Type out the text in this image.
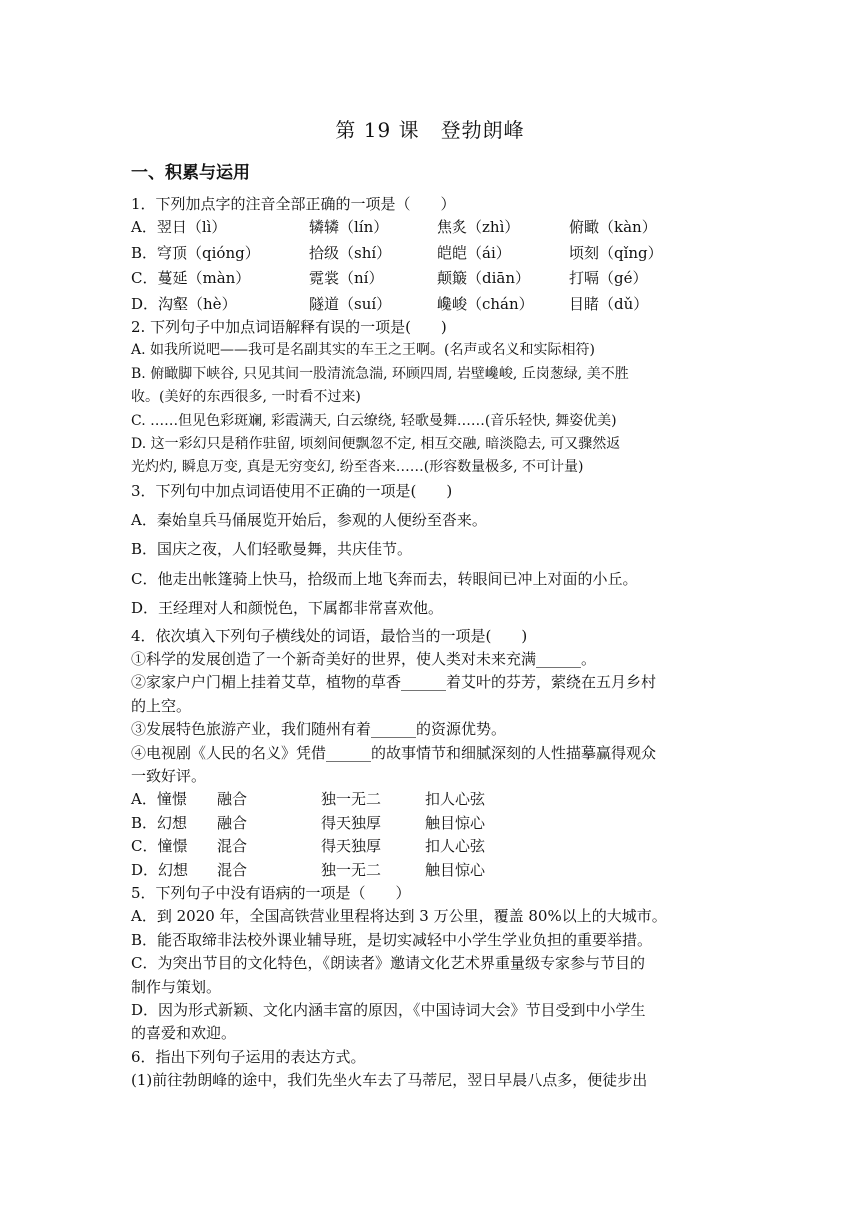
第 19 课　登勃朗峰
一、积累与运用
1．下列加点字的注音全部正确的一项是（　　）
A．翌日（lì）	辚辚（lín）	焦炙（zhì）	俯瞰（kàn）
B．穹顶（qióng）	拾级（shí）	皑皑（ái）	顷刻（qǐng）
C．蔓延（màn）	霓裳（ní）	颠簸（diān）	打嗝（gé）
D．沟壑（hè）	隧道（suí）	巉峻（chán） 目睹（dǔ）
2. 下列句子中加点词语解释有误的一项是(　　)
A. 如我所说吧——我可是名副其实的车王之王啊。(名声或名义和实际相符)
B. 俯瞰脚下峡谷, 只见其间一股清流急湍, 环顾四周, 岩壁巉峻, 丘岗葱绿, 美不胜
收。(美好的东西很多, 一时看不过来)
C. ……但见色彩斑斓, 彩霞满天, 白云缭绕, 轻歌曼舞……(音乐轻快, 舞姿优美)
D. 这一彩幻只是稍作驻留, 顷刻间便飘忽不定, 相互交融, 暗淡隐去, 可又骤然返
光灼灼, 瞬息万变, 真是无穷变幻, 纷至沓来……(形容数量极多, 不可计量)
3．下列句中加点词语使用不正确的一项是(　　)
A．秦始皇兵马俑展览开始后，参观的人便纷至沓来。
B．国庆之夜，人们轻歌曼舞，共庆佳节。
C．他走出帐篷骑上快马，拾级而上地飞奔而去，转眼间已冲上对面的小丘。
D．王经理对人和颜悦色，下属都非常喜欢他。
4．依次填入下列句子横线处的词语，最恰当的一项是(　　)
①科学的发展创造了一个新奇美好的世界，使人类对未来充满______。
②家家户户门楣上挂着艾草，植物的草香______着艾叶的芬芳，萦绕在五月乡村
的上空。
③发展特色旅游产业，我们随州有着______的资源优势。
④电视剧《人民的名义》凭借______的故事情节和细腻深刻的人性描摹赢得观众
一致好评。
A．憧憬	融合	独一无二	扣人心弦
B．幻想	融合	得天独厚	触目惊心
C．憧憬	混合	得天独厚	扣人心弦
D．幻想	混合	独一无二	触目惊心
5．下列句子中没有语病的一项是（　　）
A．到 2020 年，全国高铁营业里程将达到 3 万公里，覆盖 80%以上的大城市。
B．能否取缔非法校外课业辅导班，是切实减轻中小学生学业负担的重要举措。
C．为突出节目的文化特色，《朗读者》邀请文化艺术界重量级专家参与节目的
制作与策划。
D．因为形式新颖、文化内涵丰富的原因，《中国诗词大会》节目受到中小学生
的喜爱和欢迎。
6．指出下列句子运用的表达方式。
(1)前往勃朗峰的途中，我们先坐火车去了马蒂尼，翌日早晨八点多，便徒步出
